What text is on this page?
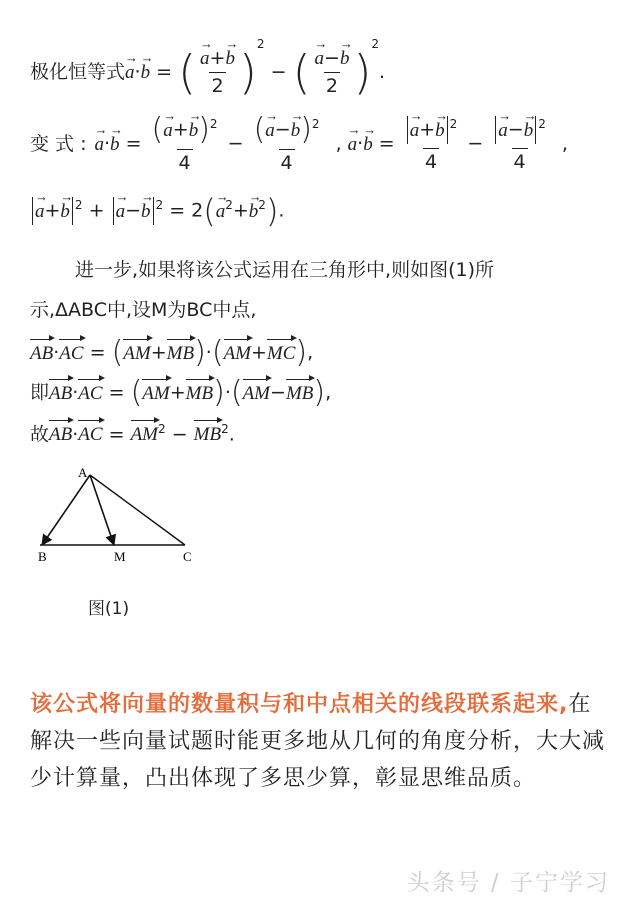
极化恒等式→ a·→ b = ( → $\frac{a+\to b}{2} )^2$ − ( → $\frac{a-\to b}{2} )^2$.
变 式 : → $a\cdot\to b = \frac{(\to a+\to b)^2}{4} - \frac{(\to a-\to b)^2}{4}$ , → a·→ b = → $\frac{a+\to b ^2}{4}$ − → $\frac{a-\to b ^2}{4}$ ,
→ a+→ b $^2$ + → a−→ b $^2 = 2(\to a^2+\to b^2)$.
进一步,如果将该公式运用在三角形中,则如图(1)所
示,ΔABC中,设M为BC中点,
AB·AC = (AM+MB)·(AM+MC),
即AB·AC = (AM+MB)·(AM−MB),
故$AB\cdot AC = AM^2 - MB^2$.
A
B	M	C
图(1)
该公式将向量的数量积与和中点相关的线段联系起来,在解决一些向量试题时能更多地从几何的角度分析，大大减少计算量，凸出体现了多思少算，彰显思维品质。
头条号 / 子宁学习
